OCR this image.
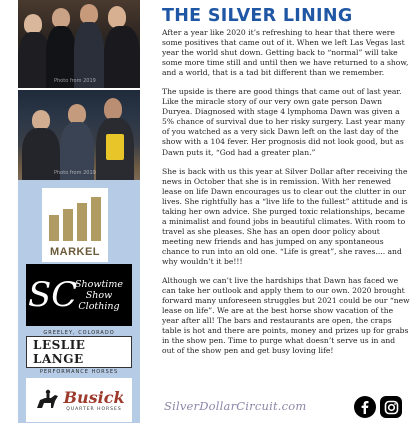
Photo from 2019
Photo from 2019
MARKEL
SC
Showtime
Show
Clothing
GREELEY, COLORADO
LESLIE LANGE
PERFORMANCE HORSES
Busick
QUARTER HORSES
THE SILVER LINING

After a year like 2020 it’s refreshing to hear that there were some positives that came out of it. When we left Las Vegas last year the world shut down. Getting back to “normal” will take some more time still and until then we have returned to a show, and a world, that is a tad bit different than we remember.

The upside is there are good things that came out of last year. Like the miracle story of our very own gate person Dawn Duryea. Diagnosed with stage 4 lymphoma Dawn was given a 5% chance of survival due to her risky surgery. Last year many of you watched as a very sick Dawn left on the last day of the show with a 104 fever. Her prognosis did not look good, but as Dawn puts it, “God had a greater plan.”

She is back with us this year at Silver Dollar after receiving the news in October that she is in remission. With her renewed lease on life Dawn encourages us to clear out the clutter in our lives. She rightfully has a “live life to the fullest” attitude and is taking her own advice. She purged toxic relationships, became a minimalist and found jobs in beautiful climates. With room to travel as she pleases. She has an open door policy about meeting new friends and has jumped on any spontaneous chance to run into an old one. “Life is great”, she raves.... and why wouldn’t it be!!!

Although we can’t live the hardships that Dawn has faced we can take her outlook and apply them to our own. 2020 brought forward many unforeseen struggles but 2021 could be our “new lease on life”. We are at the best horse show vacation of the year after all! The bars and restaurants are open, the craps table is hot and there are points, money and prizes up for grabs in the show pen. Time to purge what doesn’t serve us in and out of the show pen and get busy loving life!

SilverDollarCircuit.com
